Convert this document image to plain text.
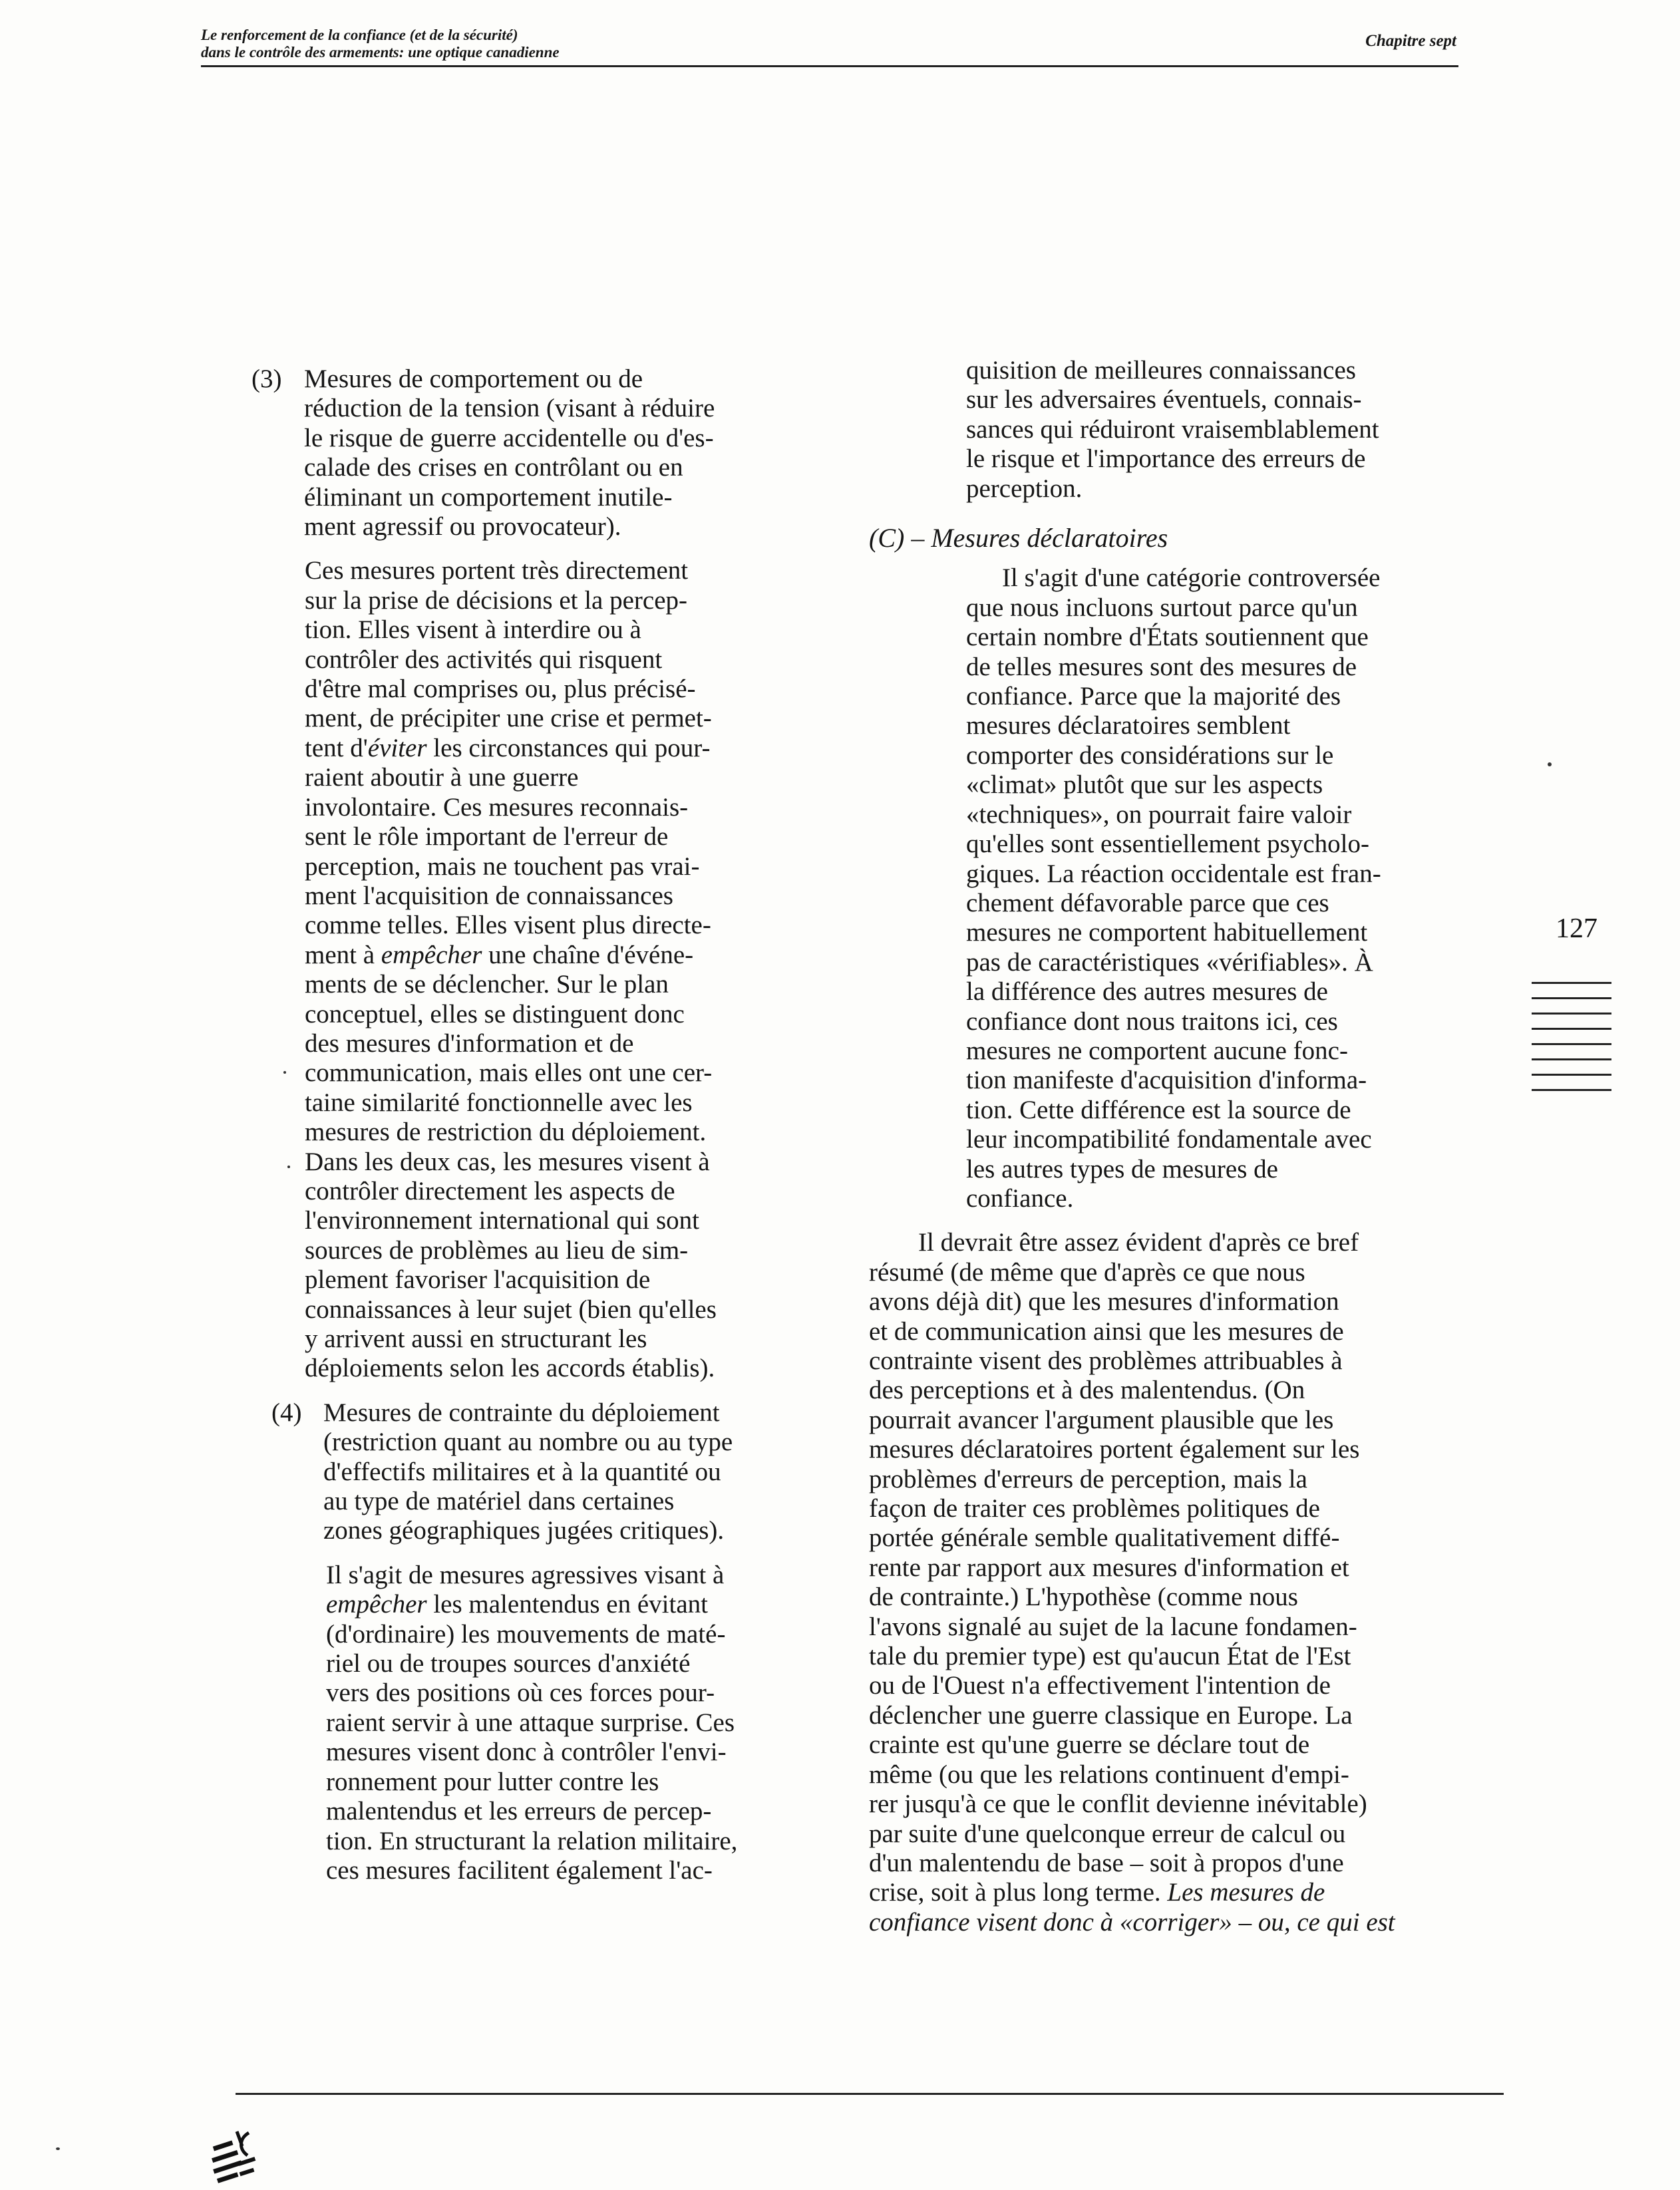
Le renforcement de la confiance (et de la sécurité)
dans le contrôle des armements: une optique canadienne
Chapitre sept
(3) Mesures de comportement ou de
réduction de la tension (visant à réduire
le risque de guerre accidentelle ou d'es-
calade des crises en contrôlant ou en
éliminant un comportement inutile-
ment agressif ou provocateur).
Ces mesures portent très directement
sur la prise de décisions et la percep-
tion. Elles visent à interdire ou à
contrôler des activités qui risquent
d'être mal comprises ou, plus précisé-
ment, de précipiter une crise et permet-
tent d'éviter les circonstances qui pour-
raient aboutir à une guerre
involontaire. Ces mesures reconnais-
sent le rôle important de l'erreur de
perception, mais ne touchent pas vrai-
ment l'acquisition de connaissances
comme telles. Elles visent plus directe-
ment à empêcher une chaîne d'événe-
ments de se déclencher. Sur le plan
conceptuel, elles se distinguent donc
des mesures d'information et de
communication, mais elles ont une cer-
taine similarité fonctionnelle avec les
mesures de restriction du déploiement.
Dans les deux cas, les mesures visent à
contrôler directement les aspects de
l'environnement international qui sont
sources de problèmes au lieu de sim-
plement favoriser l'acquisition de
connaissances à leur sujet (bien qu'elles
y arrivent aussi en structurant les
déploiements selon les accords établis).
(4) Mesures de contrainte du déploiement
(restriction quant au nombre ou au type
d'effectifs militaires et à la quantité ou
au type de matériel dans certaines
zones géographiques jugées critiques).
Il s'agit de mesures agressives visant à
empêcher les malentendus en évitant
(d'ordinaire) les mouvements de maté-
riel ou de troupes sources d'anxiété
vers des positions où ces forces pour-
raient servir à une attaque surprise. Ces
mesures visent donc à contrôler l'envi-
ronnement pour lutter contre les
malentendus et les erreurs de percep-
tion. En structurant la relation militaire,
ces mesures facilitent également l'ac-
quisition de meilleures connaissances
sur les adversaires éventuels, connais-
sances qui réduiront vraisemblablement
le risque et l'importance des erreurs de
perception.
(C) – Mesures déclaratoires
Il s'agit d'une catégorie controversée
que nous incluons surtout parce qu'un
certain nombre d'États soutiennent que
de telles mesures sont des mesures de
confiance. Parce que la majorité des
mesures déclaratoires semblent
comporter des considérations sur le
«climat» plutôt que sur les aspects
«techniques», on pourrait faire valoir
qu'elles sont essentiellement psycholo-
giques. La réaction occidentale est fran-
chement défavorable parce que ces
mesures ne comportent habituellement
pas de caractéristiques «vérifiables». À
la différence des autres mesures de
confiance dont nous traitons ici, ces
mesures ne comportent aucune fonc-
tion manifeste d'acquisition d'informa-
tion. Cette différence est la source de
leur incompatibilité fondamentale avec
les autres types de mesures de
confiance.
Il devrait être assez évident d'après ce bref
résumé (de même que d'après ce que nous
avons déjà dit) que les mesures d'information
et de communication ainsi que les mesures de
contrainte visent des problèmes attribuables à
des perceptions et à des malentendus. (On
pourrait avancer l'argument plausible que les
mesures déclaratoires portent également sur les
problèmes d'erreurs de perception, mais la
façon de traiter ces problèmes politiques de
portée générale semble qualitativement diffé-
rente par rapport aux mesures d'information et
de contrainte.) L'hypothèse (comme nous
l'avons signalé au sujet de la lacune fondamen-
tale du premier type) est qu'aucun État de l'Est
ou de l'Ouest n'a effectivement l'intention de
déclencher une guerre classique en Europe. La
crainte est qu'une guerre se déclare tout de
même (ou que les relations continuent d'empi-
rer jusqu'à ce que le conflit devienne inévitable)
par suite d'une quelconque erreur de calcul ou
d'un malentendu de base – soit à propos d'une
crise, soit à plus long terme. Les mesures de
confiance visent donc à «corriger» – ou, ce qui est
127
